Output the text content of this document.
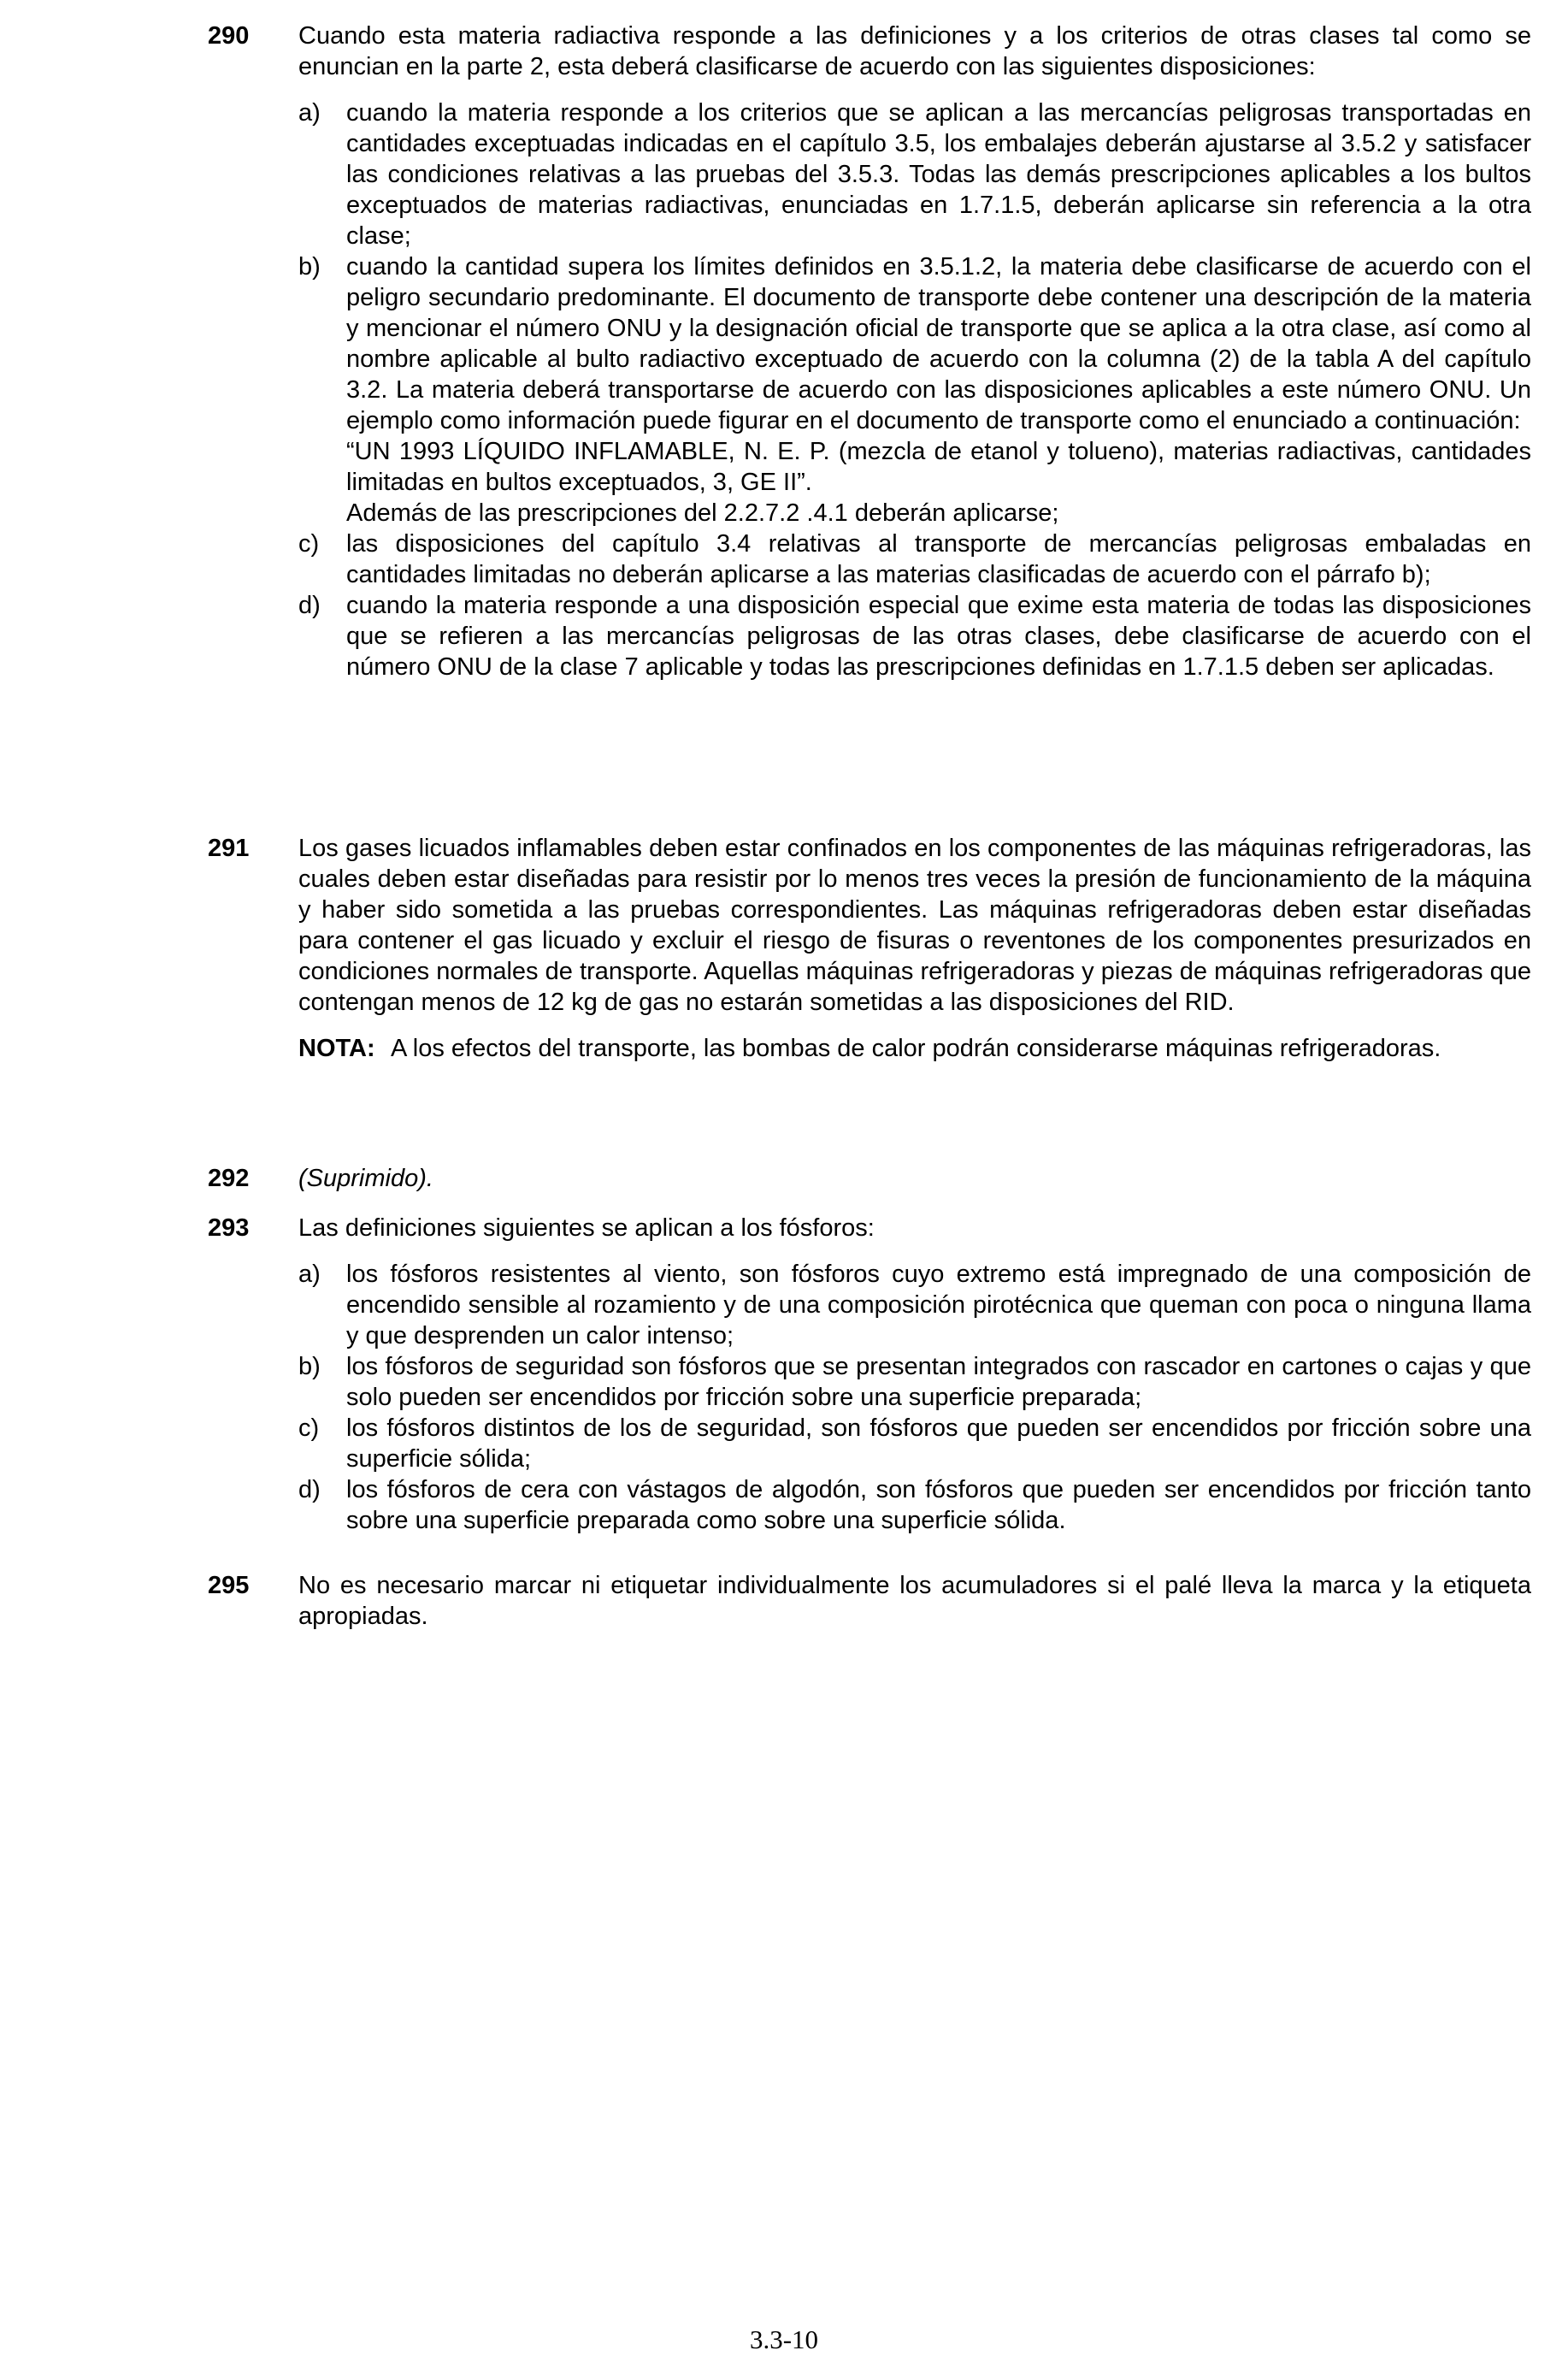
290	Cuando esta materia radiactiva responde a las definiciones y a los criterios de otras clases tal como se enuncian en la parte 2, esta deberá clasificarse de acuerdo con las siguientes disposiciones:

a) cuando la materia responde a los criterios que se aplican a las mercancías peligrosas transportadas en cantidades exceptuadas indicadas en el capítulo 3.5, los embalajes deberán ajustarse al 3.5.2 y satisfacer las condiciones relativas a las pruebas del 3.5.3. Todas las demás prescripciones aplicables a los bultos exceptuados de materias radiactivas, enunciadas en 1.7.1.5, deberán aplicarse sin referencia a la otra clase;
b) cuando la cantidad supera los límites definidos en 3.5.1.2, la materia debe clasificarse de acuerdo con el peligro secundario predominante. El documento de transporte debe contener una descripción de la materia y mencionar el número ONU y la designación oficial de transporte que se aplica a la otra clase, así como al nombre aplicable al bulto radiactivo exceptuado de acuerdo con la columna (2) de la tabla A del capítulo 3.2. La materia deberá transportarse de acuerdo con las disposiciones aplicables a este número ONU. Un ejemplo como información puede figurar en el documento de transporte como el enunciado a continuación:
“UN 1993 LÍQUIDO INFLAMABLE, N. E. P. (mezcla de etanol y tolueno), materias radiactivas, cantidades limitadas en bultos exceptuados, 3, GE II”.
Además de las prescripciones del 2.2.7.2 .4.1 deberán aplicarse;
c) las disposiciones del capítulo 3.4 relativas al transporte de mercancías peligrosas embaladas en cantidades limitadas no deberán aplicarse a las materias clasificadas de acuerdo con el párrafo b);
d) cuando la materia responde a una disposición especial que exime esta materia de todas las disposiciones que se refieren a las mercancías peligrosas de las otras clases, debe clasificarse de acuerdo con el número ONU de la clase 7 aplicable y todas las prescripciones definidas en 1.7.1.5 deben ser aplicadas.
291	Los gases licuados inflamables deben estar confinados en los componentes de las máquinas refrigeradoras, las cuales deben estar diseñadas para resistir por lo menos tres veces la presión de funcionamiento de la máquina y haber sido sometida a las pruebas correspondientes. Las máquinas refrigeradoras deben estar diseñadas para contener el gas licuado y excluir el riesgo de fisuras o reventones de los componentes presurizados en condiciones normales de transporte. Aquellas máquinas refrigeradoras y piezas de máquinas refrigeradoras que contengan menos de 12 kg de gas no estarán sometidas a las disposiciones del RID.

NOTA: A los efectos del transporte, las bombas de calor podrán considerarse máquinas refrigeradoras.
292	(Suprimido).

293	Las definiciones siguientes se aplican a los fósforos:

a) los fósforos resistentes al viento, son fósforos cuyo extremo está impregnado de una composición de encendido sensible al rozamiento y de una composición pirotécnica que queman con poca o ninguna llama y que desprenden un calor intenso;
b) los fósforos de seguridad son fósforos que se presentan integrados con rascador en cartones o cajas y que solo pueden ser encendidos por fricción sobre una superficie preparada;
c) los fósforos distintos de los de seguridad, son fósforos que pueden ser encendidos por fricción sobre una superficie sólida;
d) los fósforos de cera con vástagos de algodón, son fósforos que pueden ser encendidos por fricción tanto sobre una superficie preparada como sobre una superficie sólida.
295	No es necesario marcar ni etiquetar individualmente los acumuladores si el palé lleva la marca y la etiqueta apropiadas.

3.3-10
